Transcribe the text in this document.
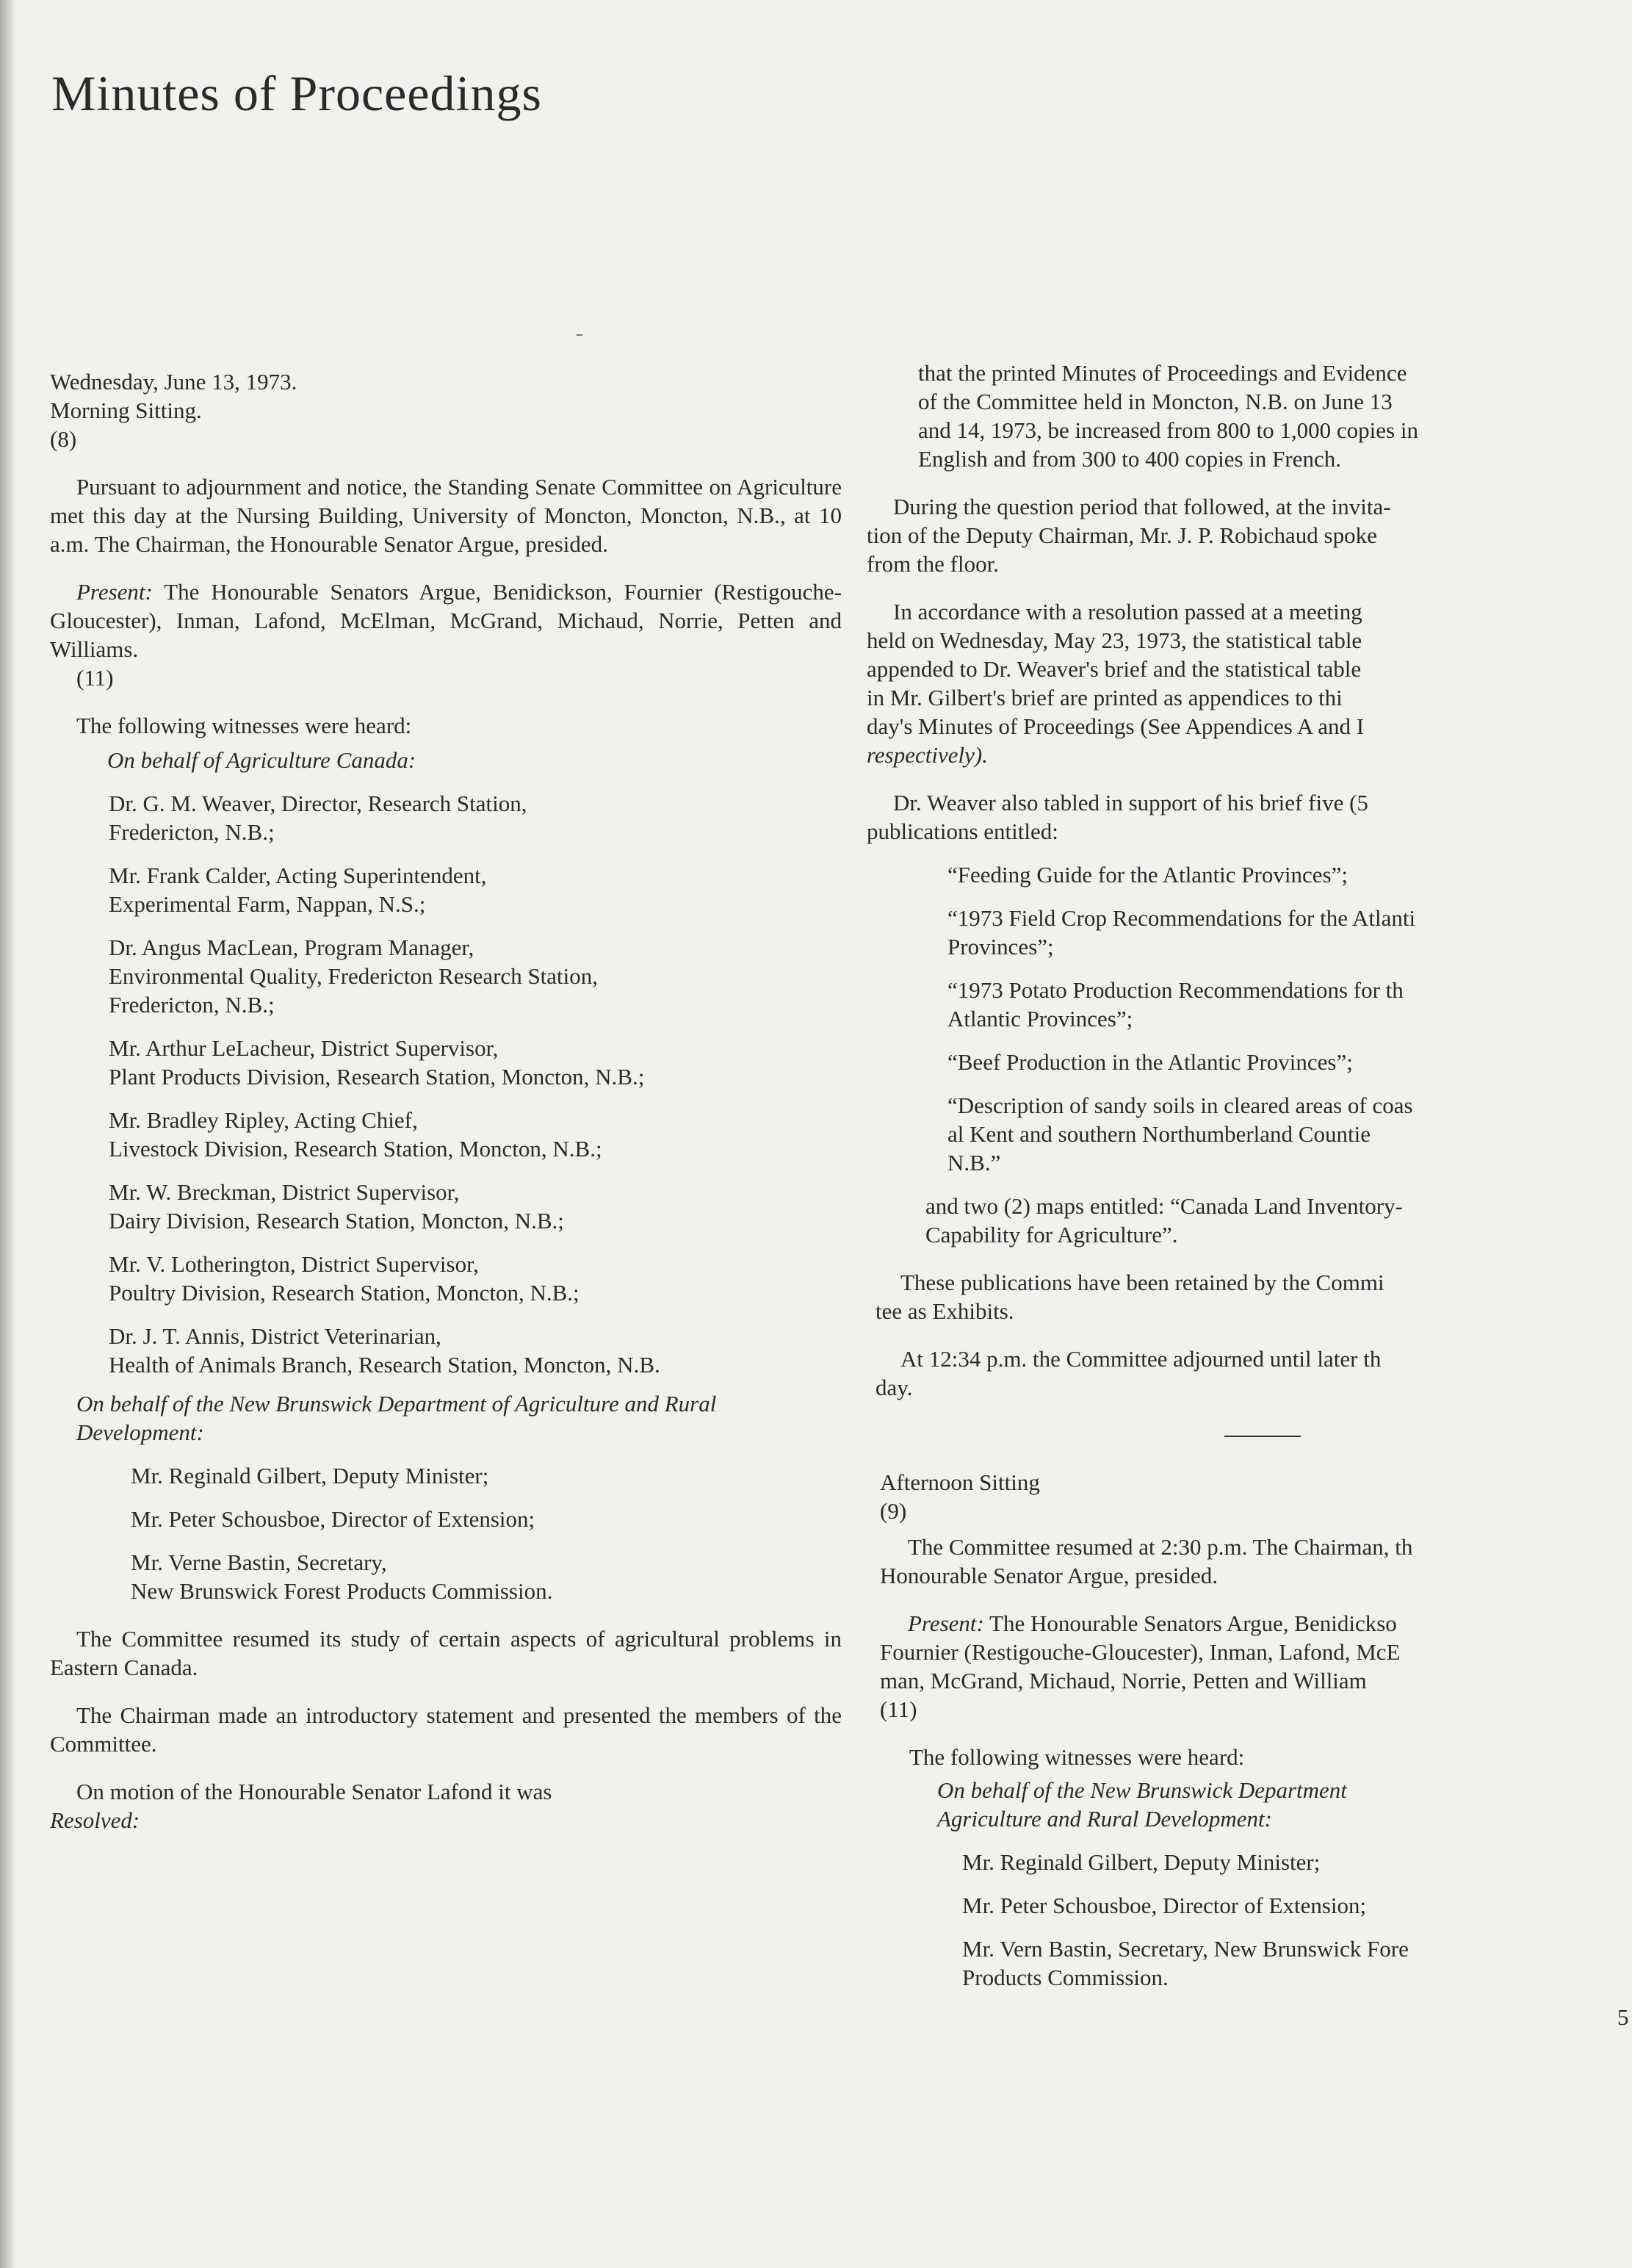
Minutes of Proceedings
Wednesday, June 13, 1973.
Morning Sitting.
(8)

Pursuant to adjournment and notice, the Standing Senate Committee on Agriculture met this day at the Nursing Building, University of Moncton, Moncton, N.B., at 10 a.m. The Chairman, the Honourable Senator Argue, presided.

Present: The Honourable Senators Argue, Benidickson, Fournier (Restigouche-Gloucester), Inman, Lafond, McElman, McGrand, Michaud, Norrie, Petten and Williams.
(11)

The following witnesses were heard:
On behalf of Agriculture Canada:
Dr. G. M. Weaver, Director, Research Station,
Fredericton, N.B.;
Mr. Frank Calder, Acting Superintendent,
Experimental Farm, Nappan, N.S.;
Dr. Angus MacLean, Program Manager,
Environmental Quality, Fredericton Research Station,
Fredericton, N.B.;
Mr. Arthur LeLacheur, District Supervisor,
Plant Products Division, Research Station, Moncton, N.B.;
Mr. Bradley Ripley, Acting Chief,
Livestock Division, Research Station, Moncton, N.B.;
Mr. W. Breckman, District Supervisor,
Dairy Division, Research Station, Moncton, N.B.;
Mr. V. Lotherington, District Supervisor,
Poultry Division, Research Station, Moncton, N.B.;
Dr. J. T. Annis, District Veterinarian,
Health of Animals Branch, Research Station, Moncton, N.B.
On behalf of the New Brunswick Department of Agriculture and Rural Development:
Mr. Reginald Gilbert, Deputy Minister;
Mr. Peter Schousboe, Director of Extension;
Mr. Verne Bastin, Secretary,
New Brunswick Forest Products Commission.

The Committee resumed its study of certain aspects of agricultural problems in Eastern Canada.

The Chairman made an introductory statement and presented the members of the Committee.

On motion of the Honourable Senator Lafond it was
Resolved:

that the printed Minutes of Proceedings and Evidence
of the Committee held in Moncton, N.B. on June 13
and 14, 1973, be increased from 800 to 1,000 copies in
English and from 300 to 400 copies in French.
During the question period that followed, at the invita-
tion of the Deputy Chairman, Mr. J. P. Robichaud spoke
from the floor.
In accordance with a resolution passed at a meeting
held on Wednesday, May 23, 1973, the statistical table
appended to Dr. Weaver's brief and the statistical table
in Mr. Gilbert's brief are printed as appendices to thi
day's Minutes of Proceedings (See Appendices A and I
respectively).
Dr. Weaver also tabled in support of his brief five (5
publications entitled:
“Feeding Guide for the Atlantic Provinces”;
“1973 Field Crop Recommendations for the Atlanti
Provinces”;
“1973 Potato Production Recommendations for th
Atlantic Provinces”;
“Beef Production in the Atlantic Provinces”;
“Description of sandy soils in cleared areas of coas
al Kent and southern Northumberland Countie
N.B.”
and two (2) maps entitled: “Canada Land Inventory-
Capability for Agriculture”.
These publications have been retained by the Commi
tee as Exhibits.
At 12:34 p.m. the Committee adjourned until later th
day.
Afternoon Sitting
(9)
The Committee resumed at 2:30 p.m. The Chairman, th
Honourable Senator Argue, presided.
Present: The Honourable Senators Argue, Benidickso
Fournier (Restigouche-Gloucester), Inman, Lafond, McE
man, McGrand, Michaud, Norrie, Petten and William
(11)
The following witnesses were heard:
On behalf of the New Brunswick Department
Agriculture and Rural Development:
Mr. Reginald Gilbert, Deputy Minister;
Mr. Peter Schousboe, Director of Extension;
Mr. Vern Bastin, Secretary, New Brunswick Fore
Products Commission.
5
